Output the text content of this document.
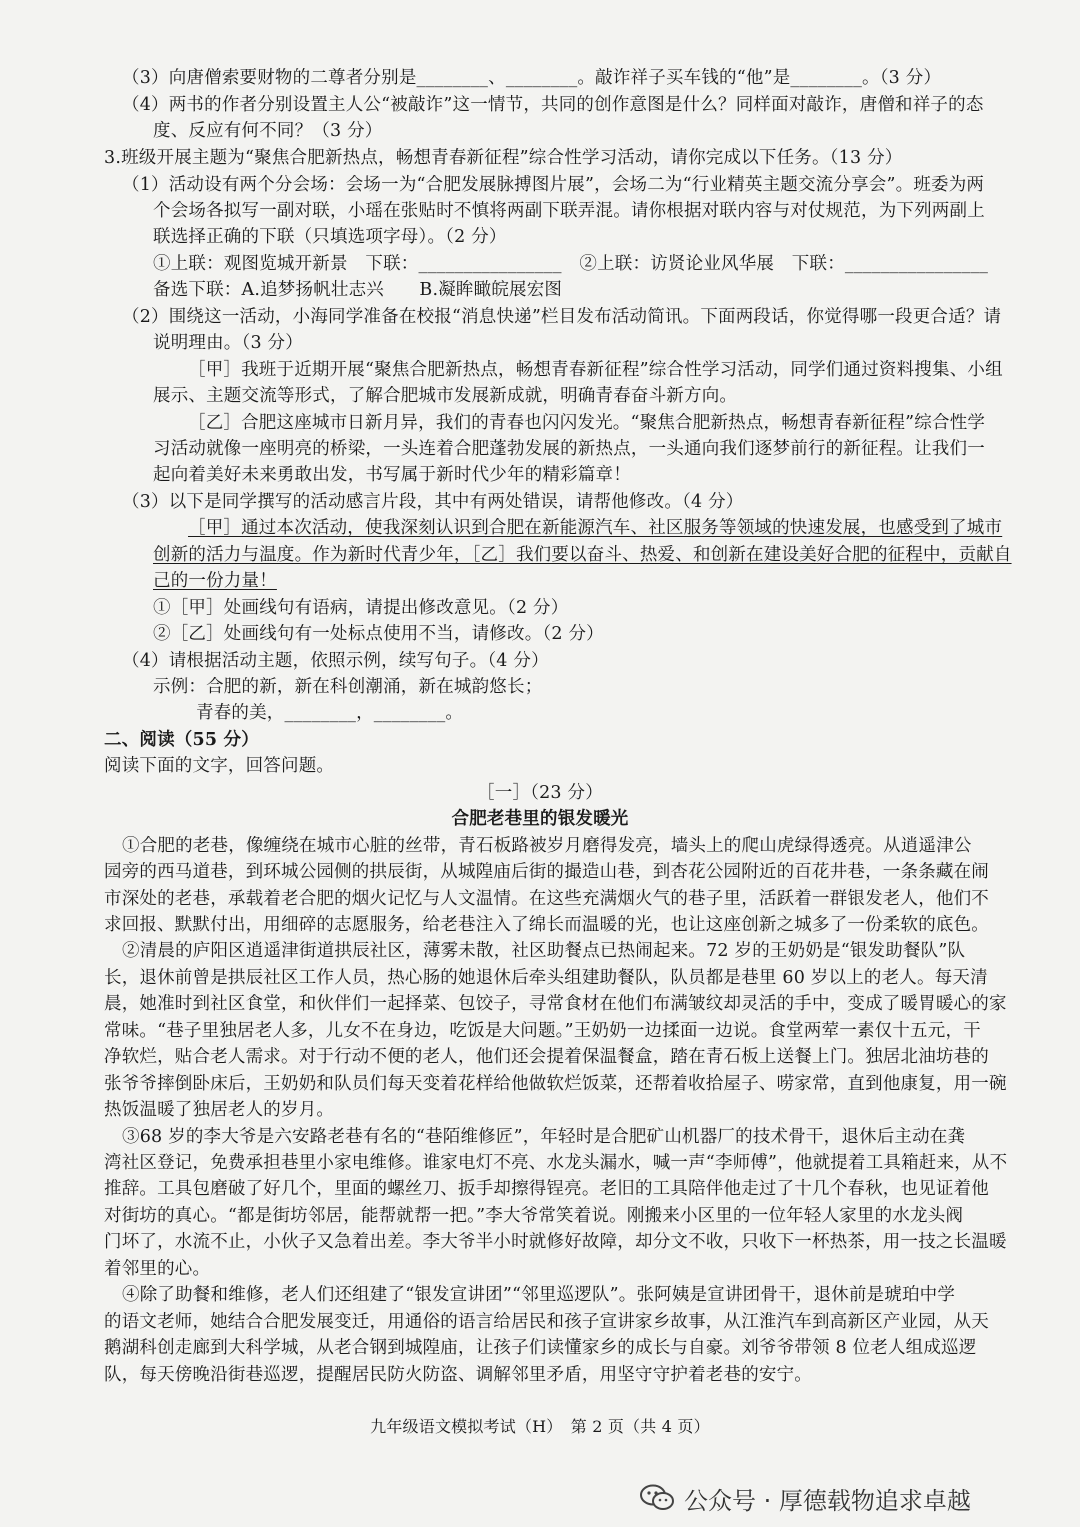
（3）向唐僧索要财物的二尊者分别是________、________。敲诈祥子买车钱的“他”是________。（3 分）
（4）两书的作者分别设置主人公“被敲诈”这一情节，共同的创作意图是什么？同样面对敲诈，唐僧和祥子的态
度、反应有何不同？（3 分）
3.班级开展主题为“聚焦合肥新热点，畅想青春新征程”综合性学习活动，请你完成以下任务。（13 分）
（1）活动设有两个分会场：会场一为“合肥发展脉搏图片展”，会场二为“行业精英主题交流分享会”。班委为两
个会场各拟写一副对联，小瑶在张贴时不慎将两副下联弄混。请你根据对联内容与对仗规范，为下列两副上
联选择正确的下联（只填选项字母）。（2 分）
①上联：观图览城开新景　下联：________________　②上联：访贤论业风华展　下联：________________
备选下联：A.追梦扬帆壮志兴　　B.凝眸瞰皖展宏图
（2）围绕这一活动，小海同学准备在校报“消息快递”栏目发布活动简讯。下面两段话，你觉得哪一段更合适？请
说明理由。（3 分）
［甲］我班于近期开展“聚焦合肥新热点，畅想青春新征程”综合性学习活动，同学们通过资料搜集、小组
展示、主题交流等形式，了解合肥城市发展新成就，明确青春奋斗新方向。
［乙］合肥这座城市日新月异，我们的青春也闪闪发光。“聚焦合肥新热点，畅想青春新征程”综合性学
习活动就像一座明亮的桥梁，一头连着合肥蓬勃发展的新热点，一头通向我们逐梦前行的新征程。让我们一
起向着美好未来勇敢出发，书写属于新时代少年的精彩篇章！
（3）以下是同学撰写的活动感言片段，其中有两处错误，请帮他修改。（4 分）
［甲］通过本次活动，使我深刻认识到合肥在新能源汽车、社区服务等领域的快速发展，也感受到了城市
创新的活力与温度。作为新时代青少年，［乙］我们要以奋斗、热爱、和创新在建设美好合肥的征程中，贡献自
己的一份力量！
①［甲］处画线句有语病，请提出修改意见。（2 分）
②［乙］处画线句有一处标点使用不当，请修改。（2 分）
（4）请根据活动主题，依照示例，续写句子。（4 分）
示例：合肥的新，新在科创潮涌，新在城韵悠长；
青春的美，________，________。
二、阅读（55 分）
阅读下面的文字，回答问题。
［一］（23 分）
合肥老巷里的银发暖光
①合肥的老巷，像缠绕在城市心脏的丝带，青石板路被岁月磨得发亮，墙头上的爬山虎绿得透亮。从逍遥津公
园旁的西马道巷，到环城公园侧的拱辰街，从城隍庙后街的撮造山巷，到杏花公园附近的百花井巷，一条条藏在闹
市深处的老巷，承载着老合肥的烟火记忆与人文温情。在这些充满烟火气的巷子里，活跃着一群银发老人，他们不
求回报、默默付出，用细碎的志愿服务，给老巷注入了绵长而温暖的光，也让这座创新之城多了一份柔软的底色。
②清晨的庐阳区逍遥津街道拱辰社区，薄雾未散，社区助餐点已热闹起来。72 岁的王奶奶是“银发助餐队”队
长，退休前曾是拱辰社区工作人员，热心肠的她退休后牵头组建助餐队，队员都是巷里 60 岁以上的老人。每天清
晨，她准时到社区食堂，和伙伴们一起择菜、包饺子，寻常食材在他们布满皱纹却灵活的手中，变成了暖胃暖心的家
常味。“巷子里独居老人多，儿女不在身边，吃饭是大问题。”王奶奶一边揉面一边说。食堂两荤一素仅十五元，干
净软烂，贴合老人需求。对于行动不便的老人，他们还会提着保温餐盒，踏在青石板上送餐上门。独居北油坊巷的
张爷爷摔倒卧床后，王奶奶和队员们每天变着花样给他做软烂饭菜，还帮着收拾屋子、唠家常，直到他康复，用一碗
热饭温暖了独居老人的岁月。
③68 岁的李大爷是六安路老巷有名的“巷陌维修匠”，年轻时是合肥矿山机器厂的技术骨干，退休后主动在龚
湾社区登记，免费承担巷里小家电维修。谁家电灯不亮、水龙头漏水，喊一声“李师傅”，他就提着工具箱赶来，从不
推辞。工具包磨破了好几个，里面的螺丝刀、扳手却擦得锃亮。老旧的工具陪伴他走过了十几个春秋，也见证着他
对街坊的真心。“都是街坊邻居，能帮就帮一把。”李大爷常笑着说。刚搬来小区里的一位年轻人家里的水龙头阀
门坏了，水流不止，小伙子又急着出差。李大爷半小时就修好故障，却分文不收，只收下一杯热茶，用一技之长温暖
着邻里的心。
④除了助餐和维修，老人们还组建了“银发宣讲团”“邻里巡逻队”。张阿姨是宣讲团骨干，退休前是琥珀中学
的语文老师，她结合合肥发展变迁，用通俗的语言给居民和孩子宣讲家乡故事，从江淮汽车到高新区产业园，从天
鹅湖科创走廊到大科学城，从老合钢到城隍庙，让孩子们读懂家乡的成长与自豪。刘爷爷带领 8 位老人组成巡逻
队，每天傍晚沿街巷巡逻，提醒居民防火防盗、调解邻里矛盾，用坚守守护着老巷的安宁。
九年级语文模拟考试（H）　第 2 页（共 4 页）
公众号 · 厚德载物追求卓越
